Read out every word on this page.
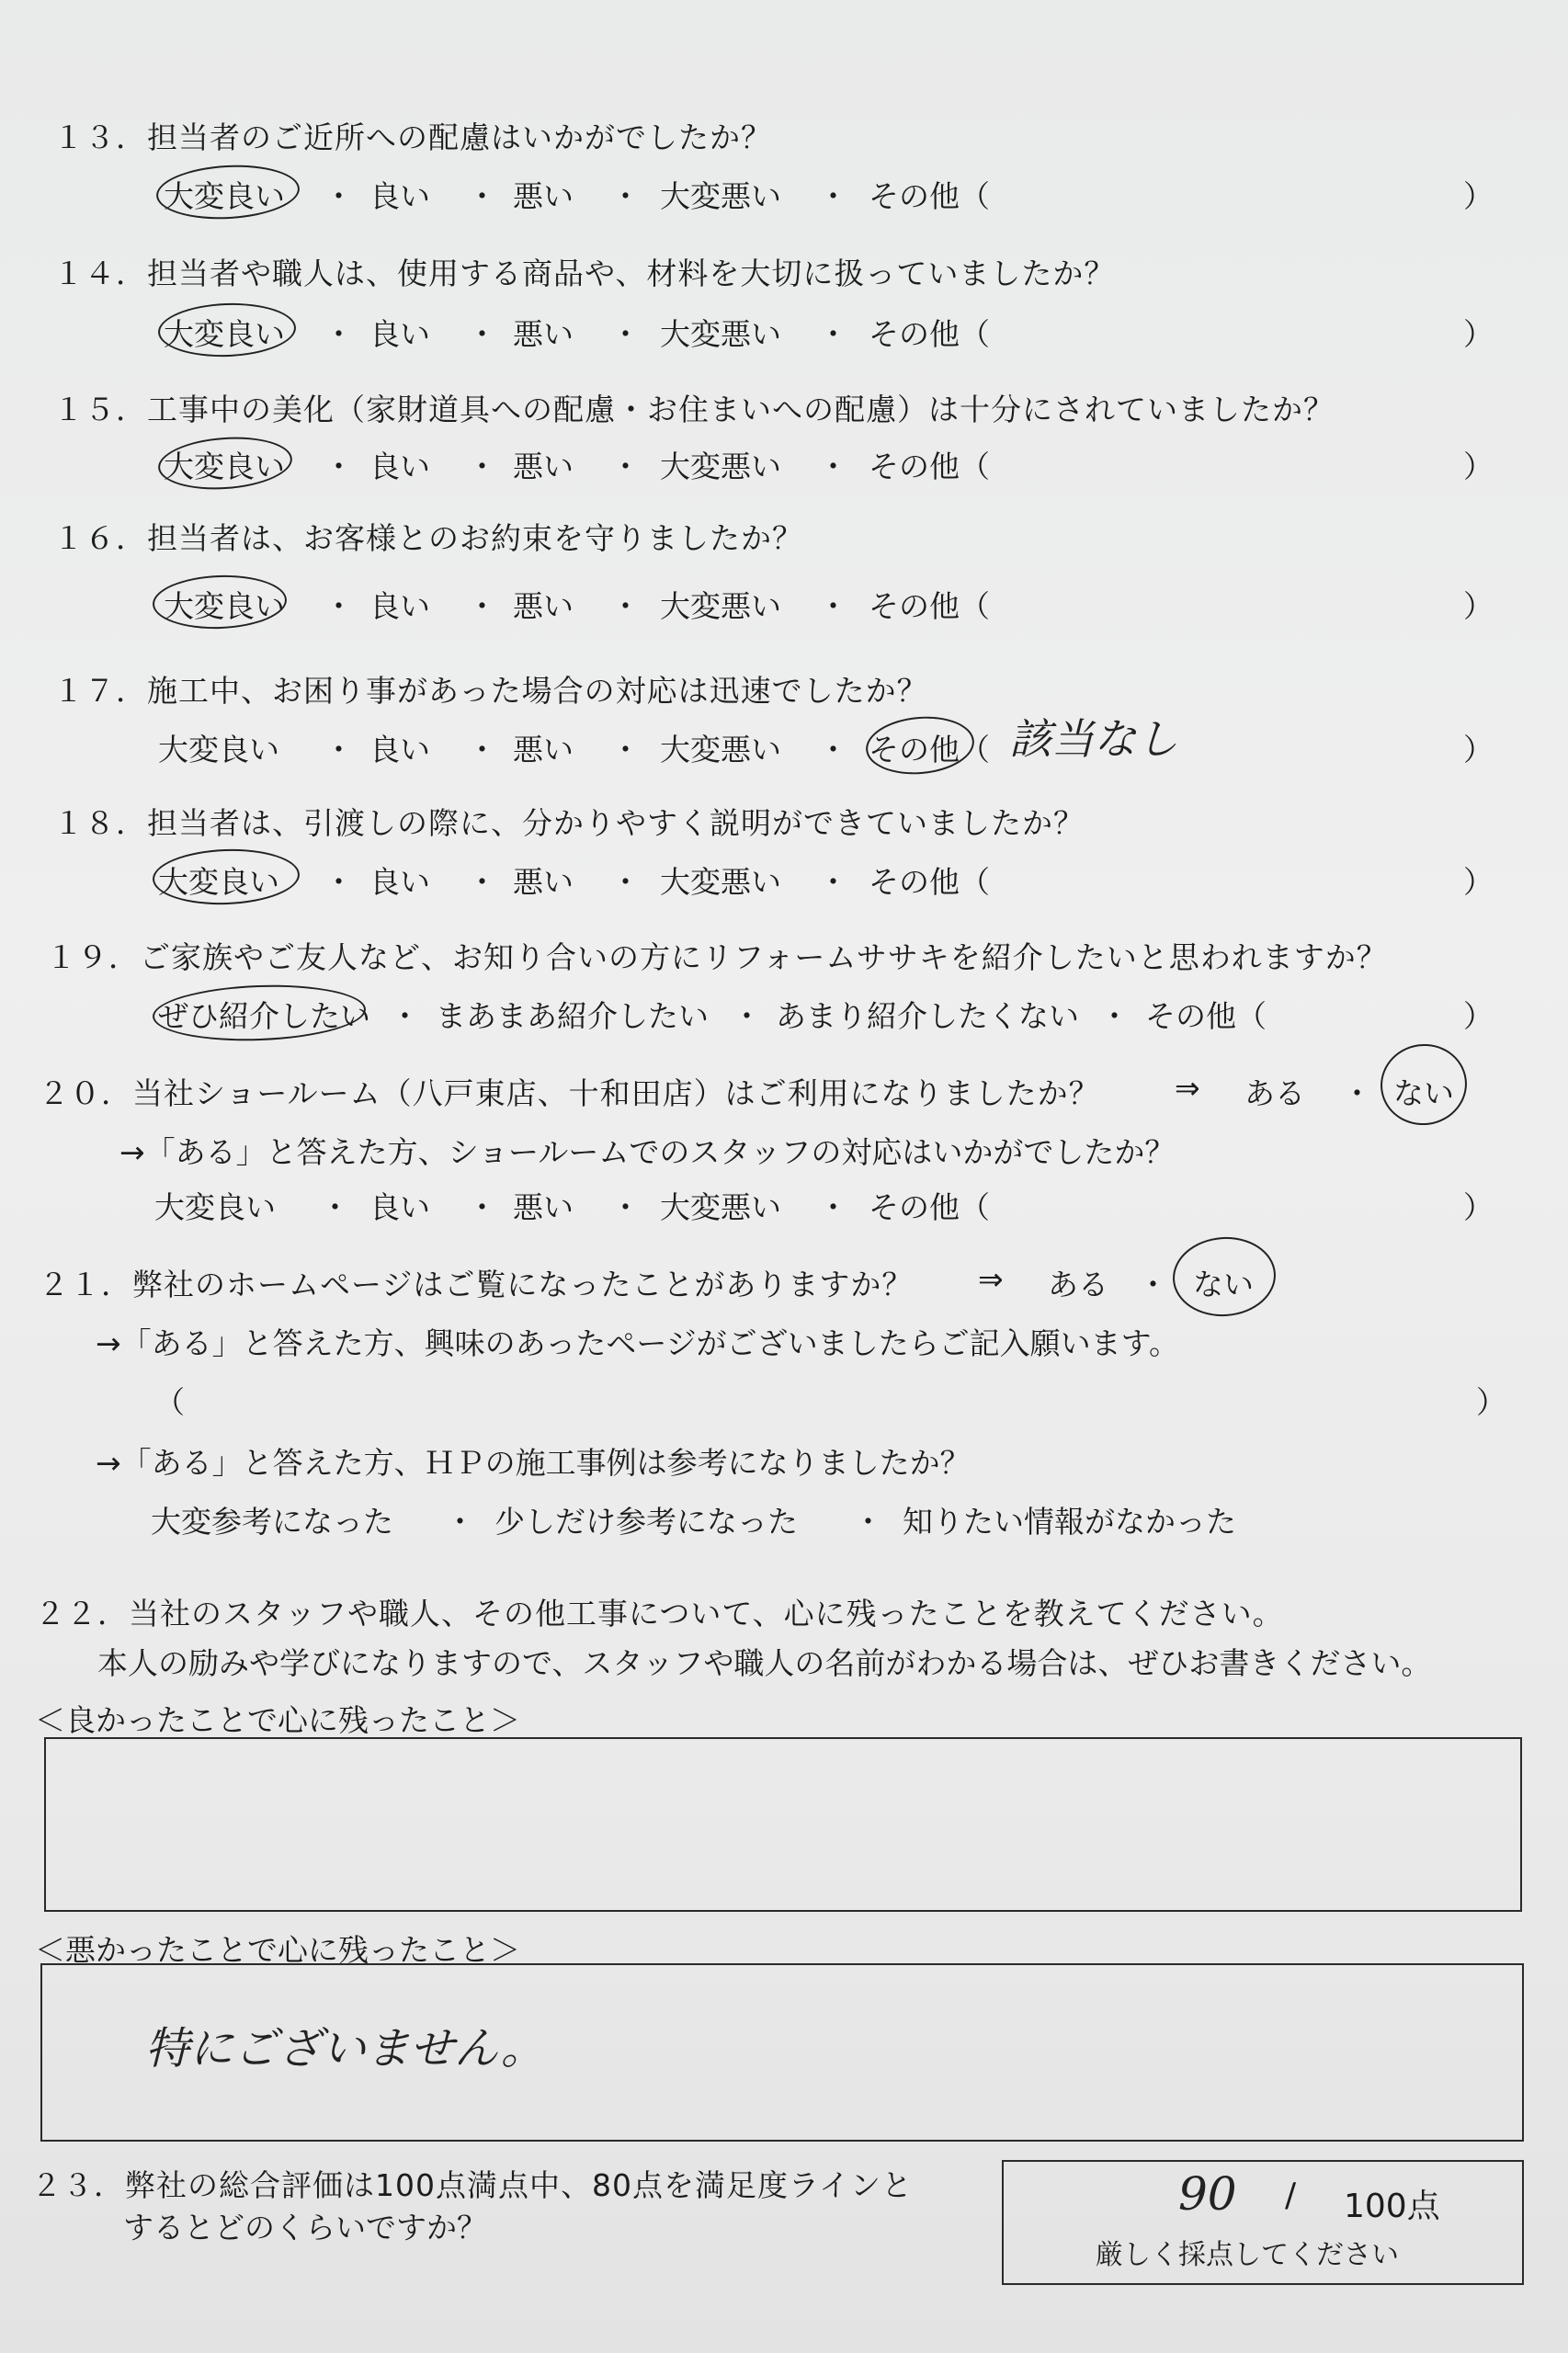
１３．担当者のご近所への配慮はいかがでしたか？
大変良い ・ 良い ・ 悪い ・ 大変悪い ・ その他（	）
１４．担当者や職人は、使用する商品や、材料を大切に扱っていましたか？
大変良い ・ 良い ・ 悪い ・ 大変悪い ・ その他（	）
１５．工事中の美化（家財道具への配慮・お住まいへの配慮）は十分にされていましたか？
大変良い ・ 良い ・ 悪い ・ 大変悪い ・ その他（	）
１６．担当者は、お客様とのお約束を守りましたか？
大変良い ・ 良い ・ 悪い ・ 大変悪い ・ その他（	）
１７．施工中、お困り事があった場合の対応は迅速でしたか？
大変良い ・ 良い ・ 悪い ・ 大変悪い ・ その他（	）
該当なし
１８．担当者は、引渡しの際に、分かりやすく説明ができていましたか？
大変良い ・ 良い ・ 悪い ・ 大変悪い ・ その他（	）
１９．ご家族やご友人など、お知り合いの方にリフォームササキを紹介したいと思われますか？
ぜひ紹介したい ・ まあまあ紹介したい ・ あまり紹介したくない ・ その他（	）
２０．当社ショールーム（八戸東店、十和田店）はご利用になりましたか？ ⇒ ある ・ ない
→「ある」と答えた方、ショールームでのスタッフの対応はいかがでしたか？
大変良い ・ 良い ・ 悪い ・ 大変悪い ・ その他（	）
２１．弊社のホームページはご覧になったことがありますか？ ⇒ ある ・ ない
→「ある」と答えた方、興味のあったページがございましたらご記入願います。
（	）
→「ある」と答えた方、ＨＰの施工事例は参考になりましたか？
大変参考になった ・ 少しだけ参考になった ・ 知りたい情報がなかった
２２．当社のスタッフや職人、その他工事について、心に残ったことを教えてください。
本人の励みや学びになりますので、スタッフや職人の名前がわかる場合は、ぜひお書きください。
＜良かったことで心に残ったこと＞
＜悪かったことで心に残ったこと＞
特にございません。
２３．弊社の総合評価は100点満点中、80点を満足度ラインと
するとどのくらいですか？
90 / 100点
厳しく採点してください
